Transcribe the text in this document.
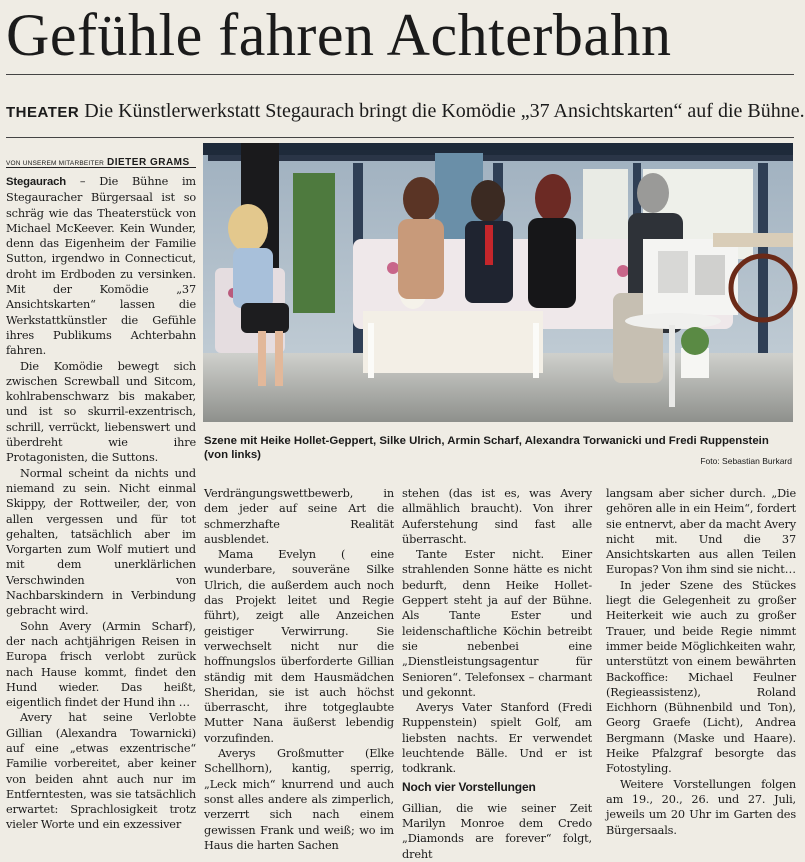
Gefühle fahren Achterbahn
THEATER Die Künstlerwerkstatt Stegaurach bringt die Komödie „37 Ansichtskarten“ auf die Bühne.
VON UNSEREM MITARBEITER DIETER GRAMS
Szene mit Heike Hollet-Geppert, Silke Ulrich, Armin Scharf, Alexandra Torwanicki und Fredi Ruppenstein (von links)	Foto: Sebastian Burkard

Stegaurach – Die Bühne im Stegauracher Bürgersaal ist so schräg wie das Theaterstück von Michael McKeever. Kein Wunder, denn das Eigenheim der Familie Sutton, irgendwo in Connecticut, droht im Erdboden zu versinken. Mit der Komödie „37 Ansichtskarten“ lassen die Werkstattkünstler die Gefühle ihres Publikums Achterbahn fahren.

Die Komödie bewegt sich zwischen Screwball und Sitcom, kohlrabenschwarz bis makaber, und ist so skurril-exzentrisch, schrill, verrückt, liebenswert und überdreht wie ihre Protagonisten, die Suttons.

Normal scheint da nichts und niemand zu sein. Nicht einmal Skippy, der Rottweiler, der, von allen vergessen und für tot gehalten, tatsächlich aber im Vorgarten zum Wolf mutiert und mit dem unerklärlichen Verschwinden von Nachbarskindern in Verbindung gebracht wird.

Sohn Avery (Armin Scharf), der nach achtjährigen Reisen in Europa frisch verlobt zurück nach Hause kommt, findet den Hund wieder. Das heißt, eigentlich findet der Hund ihn …

Avery hat seine Verlobte Gillian (Alexandra Towarnicki) auf eine „etwas exzentrische“ Familie vorbereitet, aber keiner von beiden ahnt auch nur im Entferntesten, was sie tatsächlich erwartet: Sprachlosigkeit trotz vieler Worte und ein exzessiver

Verdrängungswettbewerb, in dem jeder auf seine Art die schmerzhafte Realität ausblendet.

Mama Evelyn ( eine wunderbare, souveräne Silke Ulrich, die außerdem auch noch das Projekt leitet und Regie führt), zeigt alle Anzeichen geistiger Verwirrung. Sie verwechselt nicht nur die hoffnungslos überforderte Gillian ständig mit dem Hausmädchen Sheridan, sie ist auch höchst überrascht, ihre totgeglaubte Mutter Nana äußerst lebendig vorzufinden.

Averys Großmutter (Elke Schellhorn), kantig, sperrig, „Leck mich“ knurrend und auch sonst alles andere als zimperlich, verzerrt sich nach einem gewissen Frank und weiß; wo im Haus die harten Sachen

stehen (das ist es, was Avery allmählich braucht). Von ihrer Auferstehung sind fast alle überrascht.

Tante Ester nicht. Einer strahlenden Sonne hätte es nicht bedurft, denn Heike Hollet-Geppert steht ja auf der Bühne. Als Tante Ester und leidenschaftliche Köchin betreibt sie nebenbei eine „Dienstleistungsagentur für Senioren“. Telefonsex – charmant und gekonnt.

Averys Vater Stanford (Fredi Ruppenstein) spielt Golf, am liebsten nachts. Er verwendet leuchtende Bälle. Und er ist todkrank.

Noch vier Vorstellungen

Gillian, die wie seiner Zeit Marilyn Monroe dem Credo „Diamonds are forever“ folgt, dreht

langsam aber sicher durch. „Die gehören alle in ein Heim“, fordert sie entnervt, aber da macht Avery nicht mit. Und die 37 Ansichtskarten aus allen Teilen Europas? Von ihm sind sie nicht…

In jeder Szene des Stückes liegt die Gelegenheit zu großer Heiterkeit wie auch zu großer Trauer, und beide Regie nimmt immer beide Möglichkeiten wahr, unterstützt von einem bewährten Backoffice: Michael Feulner (Regieassistenz), Roland Eichhorn (Bühnenbild und Ton), Georg Graefe (Licht), Andrea Bergmann (Maske und Haare). Heike Pfalzgraf besorgte das Fotostyling.

Weitere Vorstellungen folgen am 19., 20., 26. und 27. Juli, jeweils um 20 Uhr im Garten des Bürgersaals.
